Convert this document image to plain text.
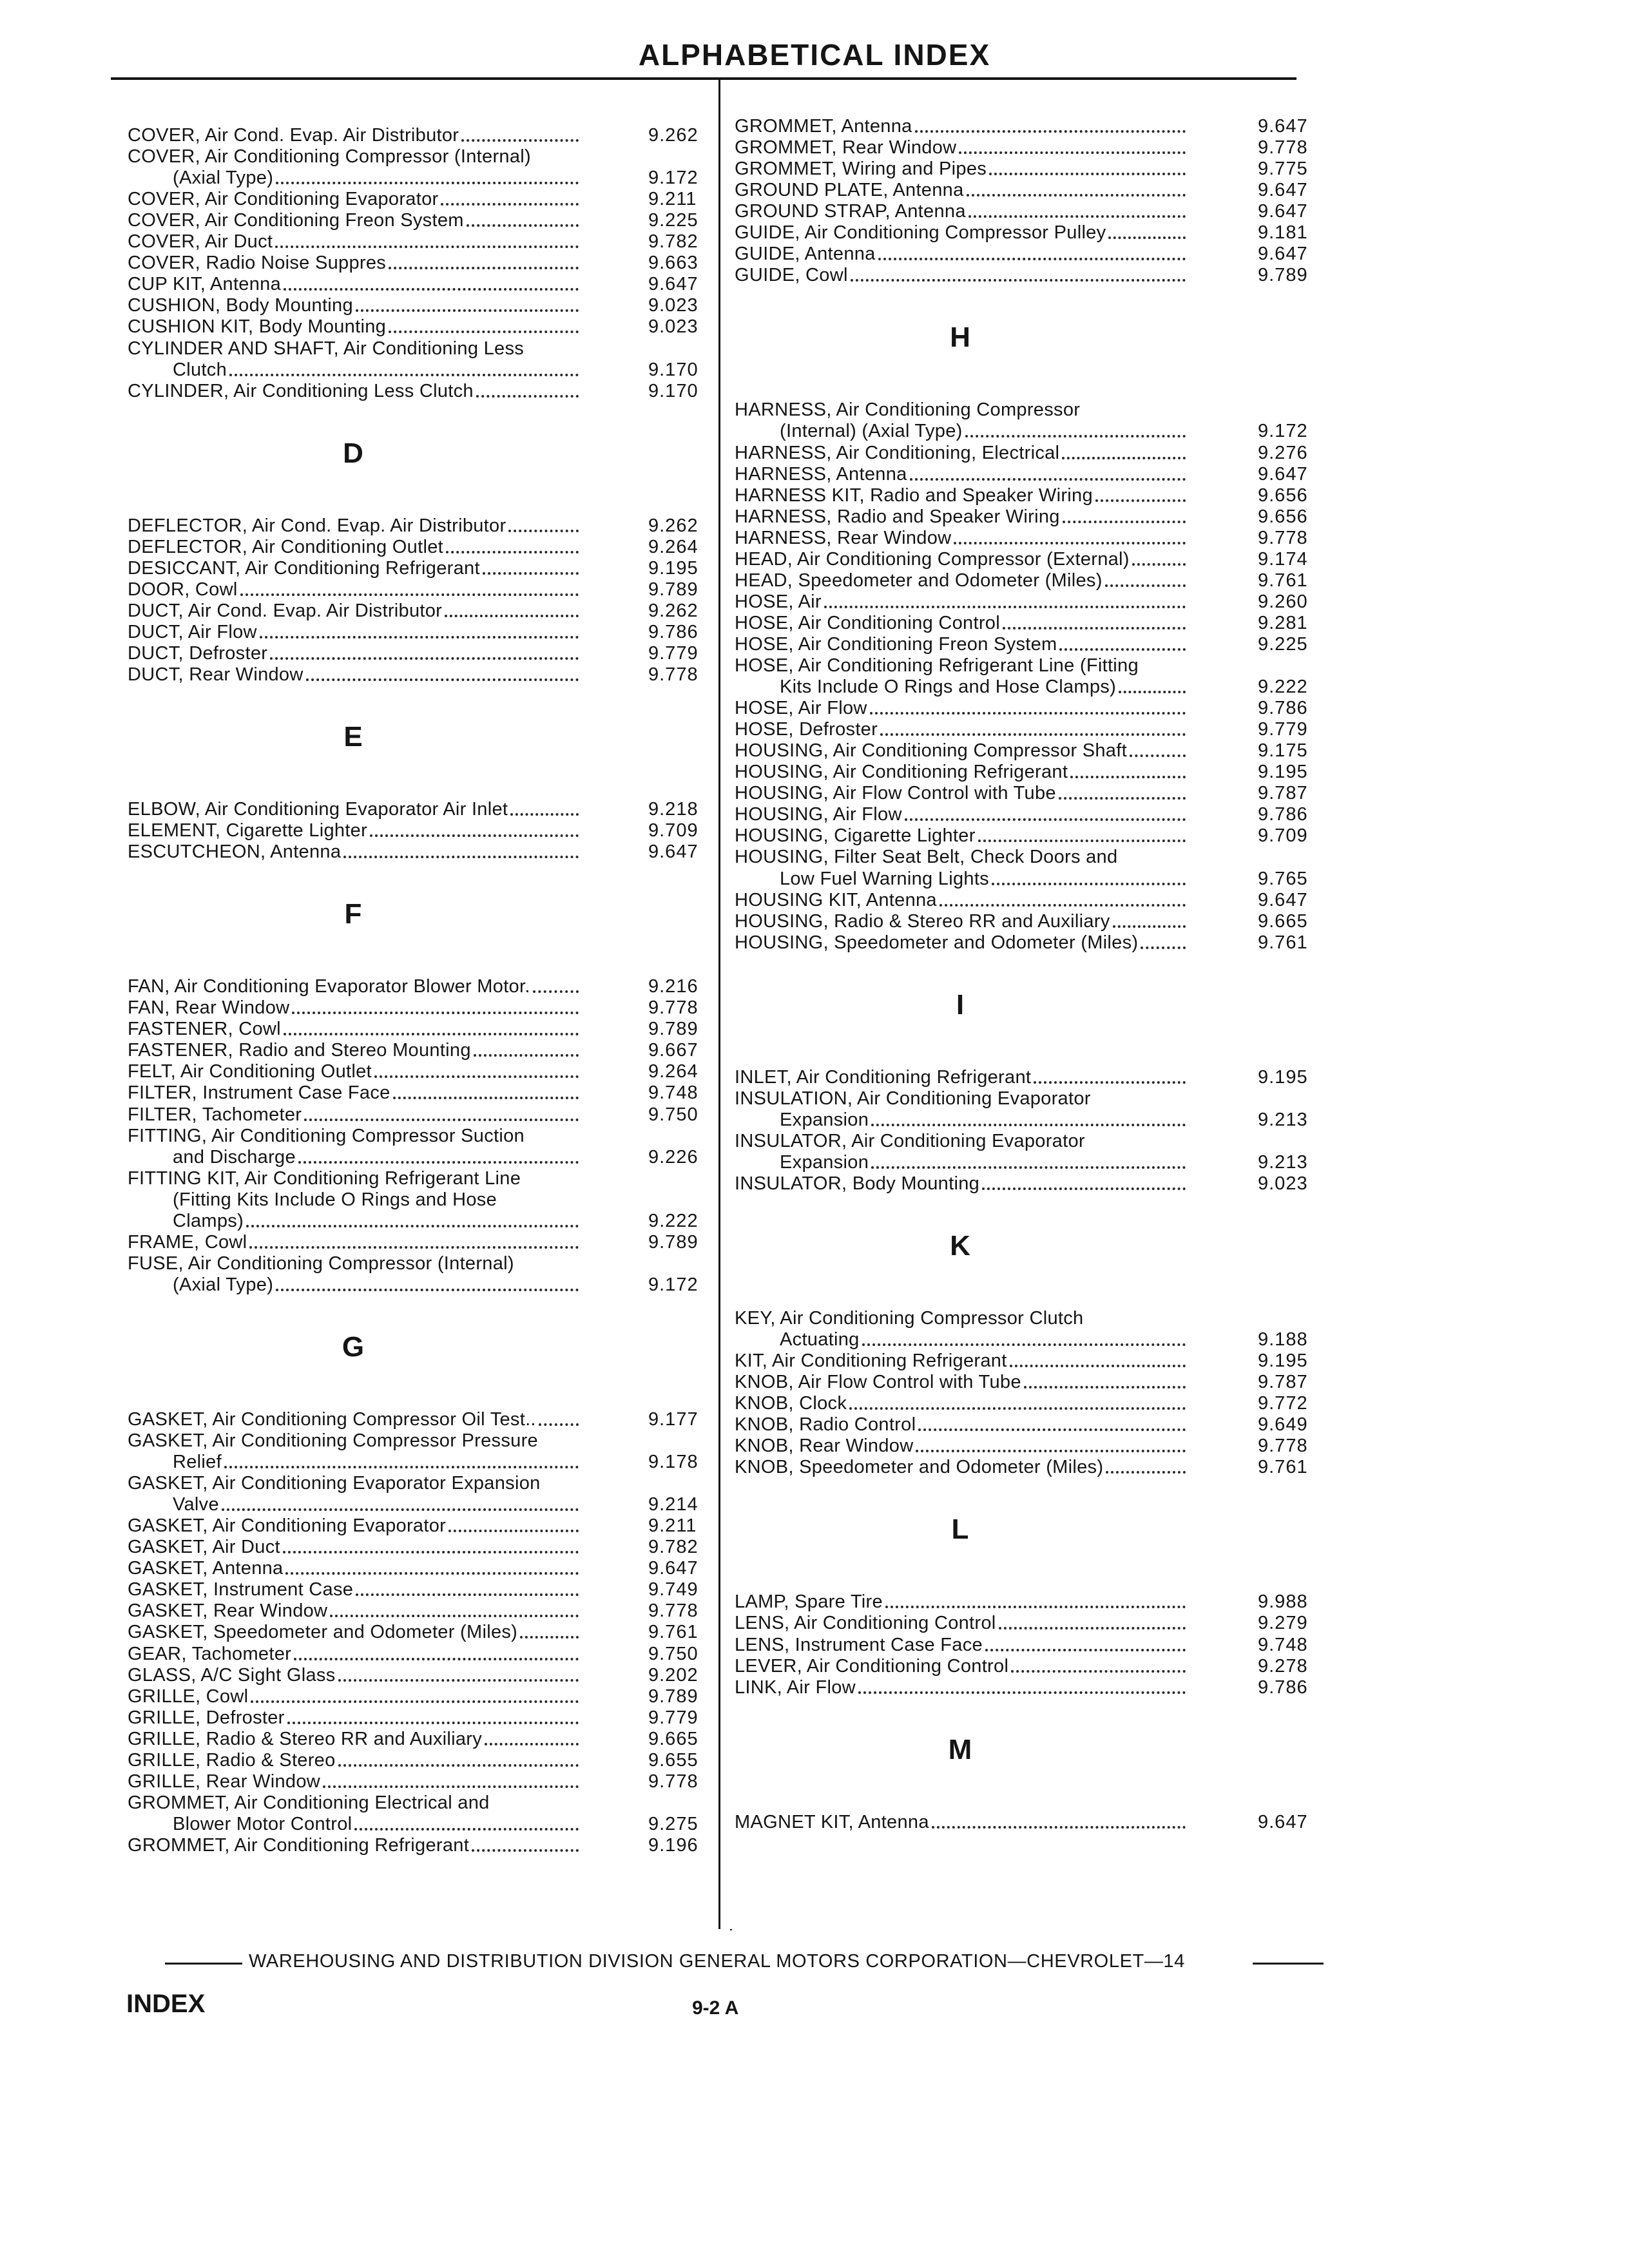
ALPHABETICAL INDEX
9.262
COVER, Air Cond. Evap. Air Distributor
COVER, Air Conditioning Compressor (Internal)
9.172
(Axial Type)
9.211
COVER, Air Conditioning Evaporator
9.225
COVER, Air Conditioning Freon System
9.782
COVER, Air Duct
9.663
COVER, Radio Noise Suppres
9.647
CUP KIT, Antenna
9.023
CUSHION, Body Mounting
9.023
CUSHION KIT, Body Mounting
CYLINDER AND SHAFT, Air Conditioning Less
9.170
Clutch
9.170
CYLINDER, Air Conditioning Less Clutch
D
9.262
DEFLECTOR, Air Cond. Evap. Air Distributor
9.264
DEFLECTOR, Air Conditioning Outlet
9.195
DESICCANT, Air Conditioning Refrigerant
9.789
DOOR, Cowl
9.262
DUCT, Air Cond. Evap. Air Distributor
9.786
DUCT, Air Flow
9.779
DUCT, Defroster
9.778
DUCT, Rear Window
E
9.218
ELBOW, Air Conditioning Evaporator Air Inlet
9.709
ELEMENT, Cigarette Lighter
9.647
ESCUTCHEON, Antenna
F
9.216
FAN, Air Conditioning Evaporator Blower Motor.
9.778
FAN, Rear Window
9.789
FASTENER, Cowl
9.667
FASTENER, Radio and Stereo Mounting
9.264
FELT, Air Conditioning Outlet
9.748
FILTER, Instrument Case Face
9.750
FILTER, Tachometer
FITTING, Air Conditioning Compressor Suction
9.226
and Discharge
FITTING KIT, Air Conditioning Refrigerant Line
(Fitting Kits Include O Rings and Hose
9.222
Clamps)
9.789
FRAME, Cowl
FUSE, Air Conditioning Compressor (Internal)
9.172
(Axial Type)
G
9.177
GASKET, Air Conditioning Compressor Oil Test..
GASKET, Air Conditioning Compressor Pressure
9.178
Relief
GASKET, Air Conditioning Evaporator Expansion
9.214
Valve
9.211
GASKET, Air Conditioning Evaporator
9.782
GASKET, Air Duct
9.647
GASKET, Antenna
9.749
GASKET, Instrument Case
9.778
GASKET, Rear Window
9.761
GASKET, Speedometer and Odometer (Miles)
9.750
GEAR, Tachometer
9.202
GLASS, A/C Sight Glass
9.789
GRILLE, Cowl
9.779
GRILLE, Defroster
9.665
GRILLE, Radio & Stereo RR and Auxiliary
9.655
GRILLE, Radio & Stereo
9.778
GRILLE, Rear Window
GROMMET, Air Conditioning Electrical and
9.275
Blower Motor Control
9.196
GROMMET, Air Conditioning Refrigerant
9.647
GROMMET, Antenna
9.778
GROMMET, Rear Window
9.775
GROMMET, Wiring and Pipes
9.647
GROUND PLATE, Antenna
9.647
GROUND STRAP, Antenna
9.181
GUIDE, Air Conditioning Compressor Pulley
9.647
GUIDE, Antenna
9.789
GUIDE, Cowl
H
HARNESS, Air Conditioning Compressor
9.172
(Internal) (Axial Type)
9.276
HARNESS, Air Conditioning, Electrical
9.647
HARNESS, Antenna
9.656
HARNESS KIT, Radio and Speaker Wiring
9.656
HARNESS, Radio and Speaker Wiring
9.778
HARNESS, Rear Window
9.174
HEAD, Air Conditioning Compressor (External)
9.761
HEAD, Speedometer and Odometer (Miles)
9.260
HOSE, Air
9.281
HOSE, Air Conditioning Control
9.225
HOSE, Air Conditioning Freon System
HOSE, Air Conditioning Refrigerant Line (Fitting
9.222
Kits Include O Rings and Hose Clamps)
9.786
HOSE, Air Flow
9.779
HOSE, Defroster
9.175
HOUSING, Air Conditioning Compressor Shaft
9.195
HOUSING, Air Conditioning Refrigerant
9.787
HOUSING, Air Flow Control with Tube
9.786
HOUSING, Air Flow
9.709
HOUSING, Cigarette Lighter
HOUSING, Filter Seat Belt, Check Doors and
9.765
Low Fuel Warning Lights
9.647
HOUSING KIT, Antenna
9.665
HOUSING, Radio & Stereo RR and Auxiliary
9.761
HOUSING, Speedometer and Odometer (Miles)
I
9.195
INLET, Air Conditioning Refrigerant
INSULATION, Air Conditioning Evaporator
9.213
Expansion
INSULATOR, Air Conditioning Evaporator
9.213
Expansion
9.023
INSULATOR, Body Mounting
K
KEY, Air Conditioning Compressor Clutch
9.188
Actuating
9.195
KIT, Air Conditioning Refrigerant
9.787
KNOB, Air Flow Control with Tube
9.772
KNOB, Clock
9.649
KNOB, Radio Control
9.778
KNOB, Rear Window
9.761
KNOB, Speedometer and Odometer (Miles)
L
9.988
LAMP, Spare Tire
9.279
LENS, Air Conditioning Control
9.748
LENS, Instrument Case Face
9.278
LEVER, Air Conditioning Control
9.786
LINK, Air Flow
M
9.647
MAGNET KIT, Antenna
WAREHOUSING AND DISTRIBUTION DIVISION GENERAL MOTORS CORPORATION—CHEVROLET—14
INDEX	9-2 A
